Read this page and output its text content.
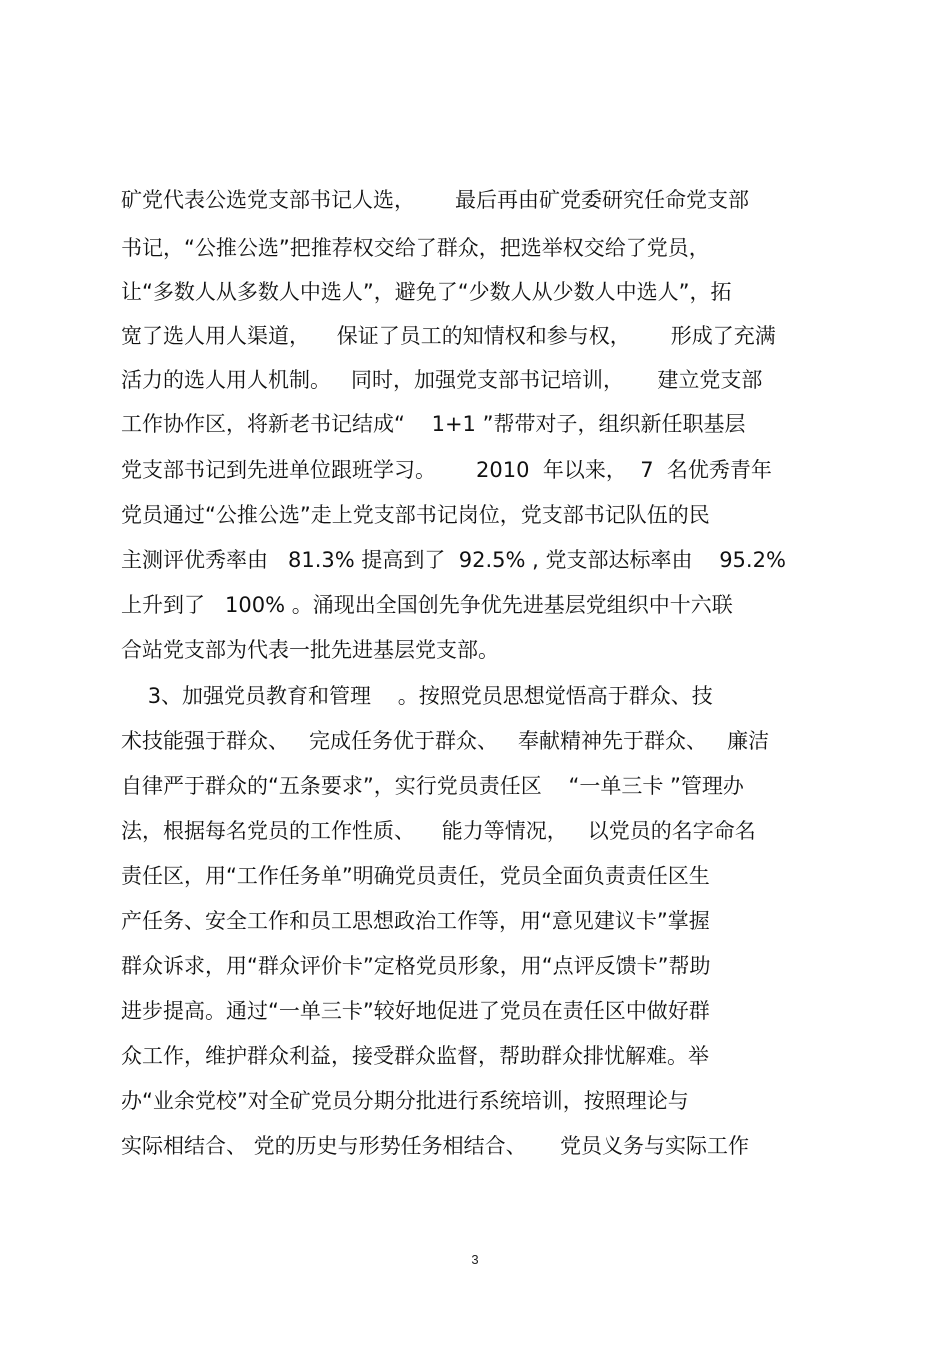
矿党代表公选党支部书记人选，      最后再由矿党委研究任命党支部
书记，“公推公选”把推荐权交给了群众，把选举权交给了党员，
让“多数人从多数人中选人”，避免了“少数人从少数人中选人”，拓
宽了选人用人渠道，    保证了员工的知情权和参与权，      形成了充满
活力的选人用人机制。   同时，加强党支部书记培训，     建立党支部
工作协作区，将新老书记结成“    1+1 ”帮带对子，组织新任职基层
党支部书记到先进单位跟班学习。      2010  年以来，  7  名优秀青年
党员通过“公推公选”走上党支部书记岗位，党支部书记队伍的民
主测评优秀率由   81.3% 提高到了  92.5% , 党支部达标率由    95.2%
上升到了   100% 。涌现出全国创先争优先进基层党组织中十六联
合站党支部为代表一批先进基层党支部。
3、加强党员教育和管理    。按照党员思想觉悟高于群众、技
术技能强于群众、   完成任务优于群众、   奉献精神先于群众、   廉洁
自律严于群众的“五条要求”，实行党员责任区    “一单三卡 ”管理办
法，根据每名党员的工作性质、    能力等情况，   以党员的名字命名
责任区，用“工作任务单”明确党员责任，党员全面负责责任区生
产任务、安全工作和员工思想政治工作等，用“意见建议卡”掌握
群众诉求，用“群众评价卡”定格党员形象，用“点评反馈卡”帮助
进步提高。通过“一单三卡”较好地促进了党员在责任区中做好群
众工作，维护群众利益，接受群众监督，帮助群众排忧解难。举
办“业余党校”对全矿党员分期分批进行系统培训，按照理论与
实际相结合、 党的历史与形势任务相结合、     党员义务与实际工作
3
